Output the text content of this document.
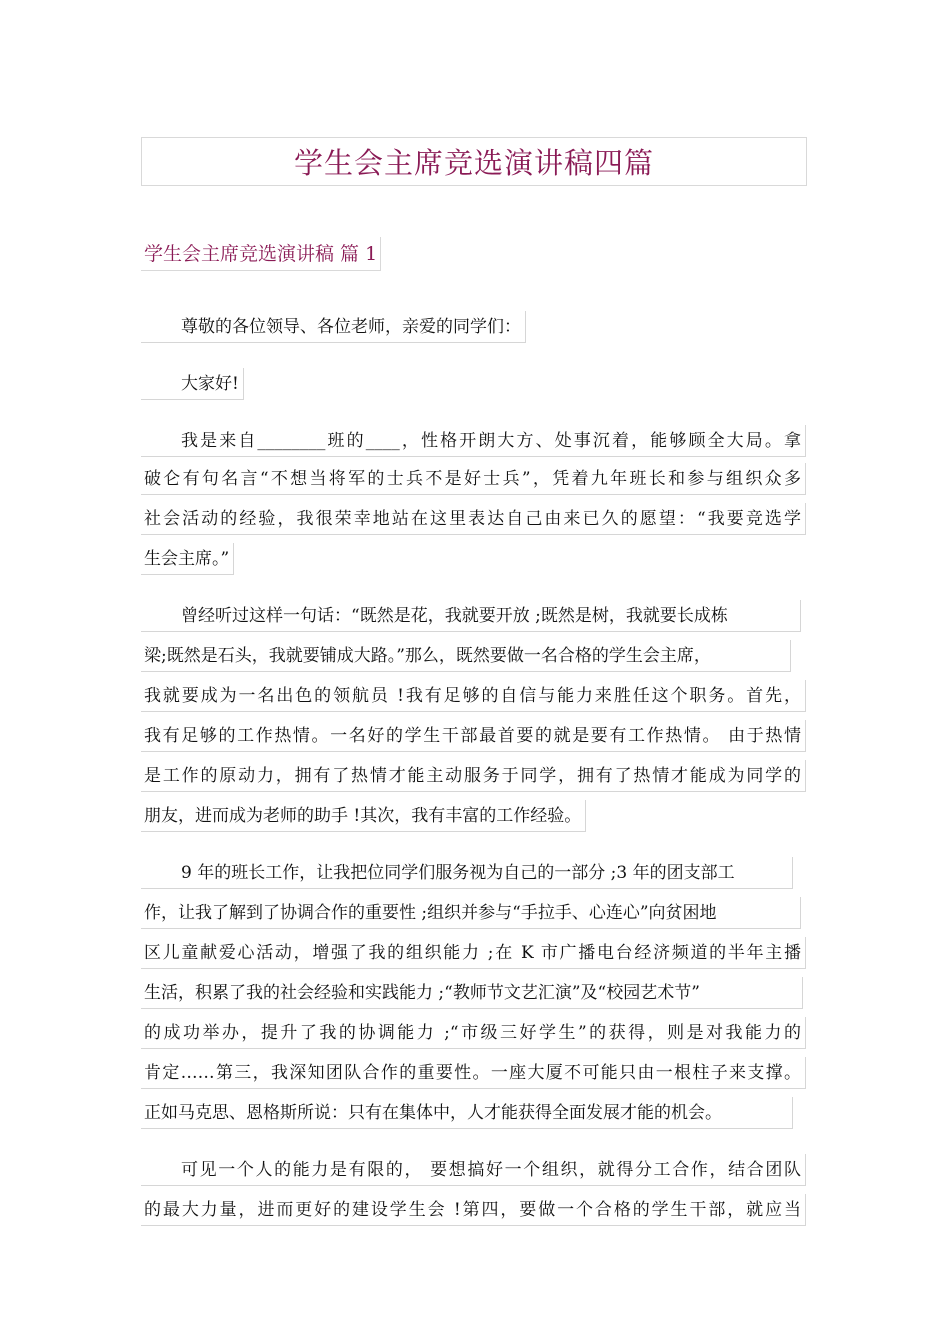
学生会主席竞选演讲稿四篇
学生会主席竞选演讲稿 篇 1
尊敬的各位领导、各位老师，亲爱的同学们：
大家好!
我是来自________班的____，性格开朗大方、处事沉着，能够顾全大局。拿
破仑有句名言“不想当将军的士兵不是好士兵”，凭着九年班长和参与组织众多
社会活动的经验，我很荣幸地站在这里表达自己由来已久的愿望：“我要竞选学
生会主席。”
曾经听过这样一句话：“既然是花，我就要开放 ;既然是树，我就要长成栋
梁;既然是石头，我就要铺成大路。”那么，既然要做一名合格的学生会主席，
我就要成为一名出色的领航员 !我有足够的自信与能力来胜任这个职务。首先，
我有足够的工作热情。一名好的学生干部最首要的就是要有工作热情。 由于热情
是工作的原动力，拥有了热情才能主动服务于同学，拥有了热情才能成为同学的
朋友，进而成为老师的助手 !其次，我有丰富的工作经验。
9 年的班长工作，让我把位同学们服务视为自己的一部分 ;3 年的团支部工
作，让我了解到了协调合作的重要性 ;组织并参与“手拉手、心连心”向贫困地
区儿童献爱心活动，增强了我的组织能力 ;在 K 市广播电台经济频道的半年主播
生活，积累了我的社会经验和实践能力 ;“教师节文艺汇演”及“校园艺术节”
的成功举办，提升了我的协调能力 ;“市级三好学生”的获得，则是对我能力的
肯定……第三，我深知团队合作的重要性。一座大厦不可能只由一根柱子来支撑。
正如马克思、恩格斯所说：只有在集体中，人才能获得全面发展才能的机会。
可见一个人的能力是有限的， 要想搞好一个组织，就得分工合作，结合团队
的最大力量，进而更好的建设学生会 !第四，要做一个合格的学生干部，就应当
